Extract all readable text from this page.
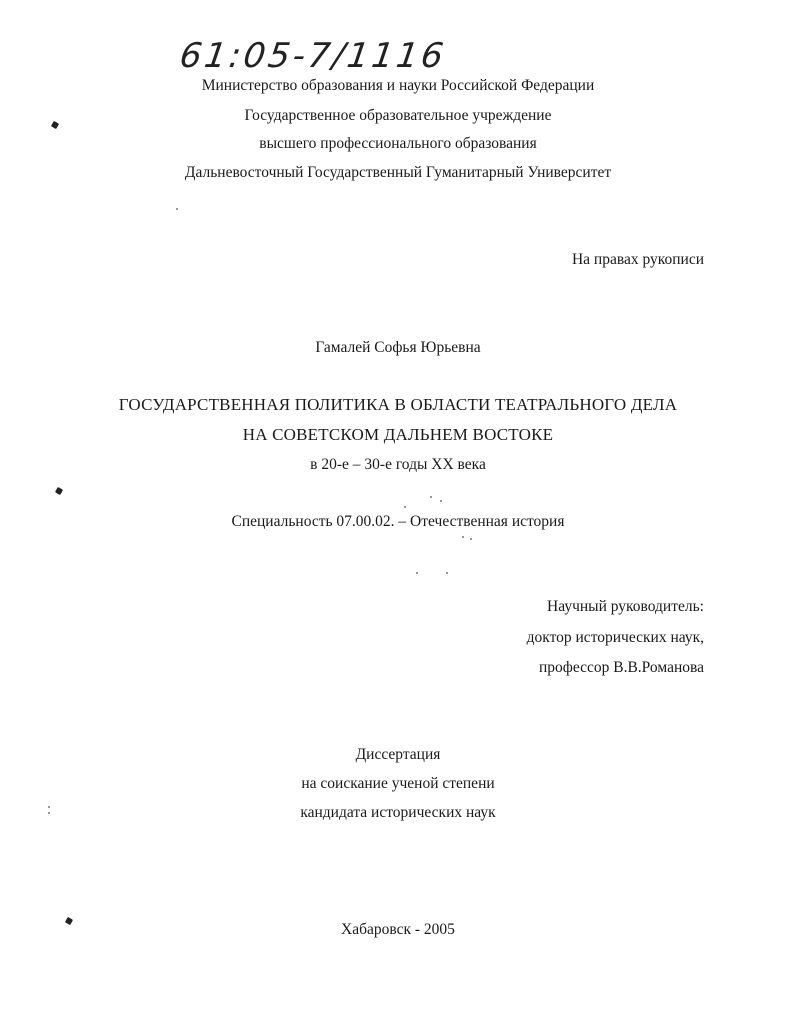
61:05-7/1116
Министерство образования и науки Российской Федерации
Государственное образовательное учреждение
высшего профессионального образования
Дальневосточный Государственный Гуманитарный Университет
На правах рукописи
Гамалей Софья Юрьевна
ГОСУДАРСТВЕННАЯ ПОЛИТИКА В ОБЛАСТИ ТЕАТРАЛЬНОГО ДЕЛА
НА СОВЕТСКОМ ДАЛЬНЕМ ВОСТОКЕ
в 20-е – 30-е годы XX века
Специальность 07.00.02. – Отечественная история
Научный руководитель:
доктор исторических наук,
профессор В.В.Романова
Диссертация
на соискание ученой степени
кандидата исторических наук
Хабаровск - 2005
